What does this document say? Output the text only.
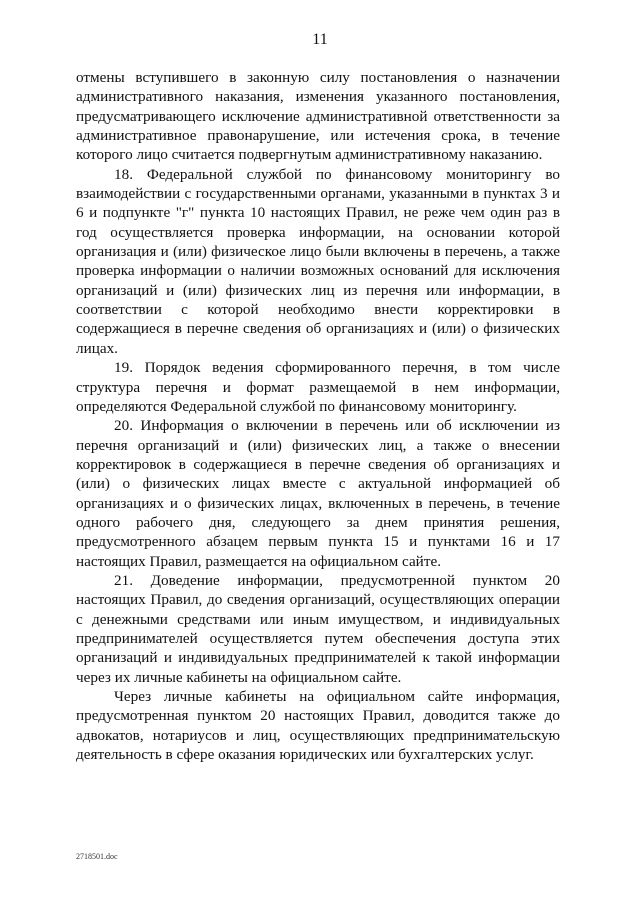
11

отмены вступившего в законную силу постановления о назначении административного наказания, изменения указанного постановления, предусматривающего исключение административной ответственности за административное правонарушение, или истечения срока, в течение которого лицо считается подвергнутым административному наказанию.

18. Федеральной службой по финансовому мониторингу во взаимодействии с государственными органами, указанными в пунктах 3 и 6 и подпункте "г" пункта 10 настоящих Правил, не реже чем один раз в год осуществляется проверка информации, на основании которой организация и (или) физическое лицо были включены в перечень, а также проверка информации о наличии возможных оснований для исключения организаций и (или) физических лиц из перечня или информации, в соответствии с которой необходимо внести корректировки в содержащиеся в перечне сведения об организациях и (или) о физических лицах.

19. Порядок ведения сформированного перечня, в том числе структура перечня и формат размещаемой в нем информации, определяются Федеральной службой по финансовому мониторингу.

20. Информация о включении в перечень или об исключении из перечня организаций и (или) физических лиц, а также о внесении корректировок в содержащиеся в перечне сведения об организациях и (или) о физических лицах вместе с актуальной информацией об организациях и о физических лицах, включенных в перечень, в течение одного рабочего дня, следующего за днем принятия решения, предусмотренного абзацем первым пункта 15 и пунктами 16 и 17 настоящих Правил, размещается на официальном сайте.

21. Доведение информации, предусмотренной пунктом 20 настоящих Правил, до сведения организаций, осуществляющих операции с денежными средствами или иным имуществом, и индивидуальных предпринимателей осуществляется путем обеспечения доступа этих организаций и индивидуальных предпринимателей к такой информации через их личные кабинеты на официальном сайте.

Через личные кабинеты на официальном сайте информация, предусмотренная пунктом 20 настоящих Правил, доводится также до адвокатов, нотариусов и лиц, осуществляющих предпринимательскую деятельность в сфере оказания юридических или бухгалтерских услуг.

2718501.doc
